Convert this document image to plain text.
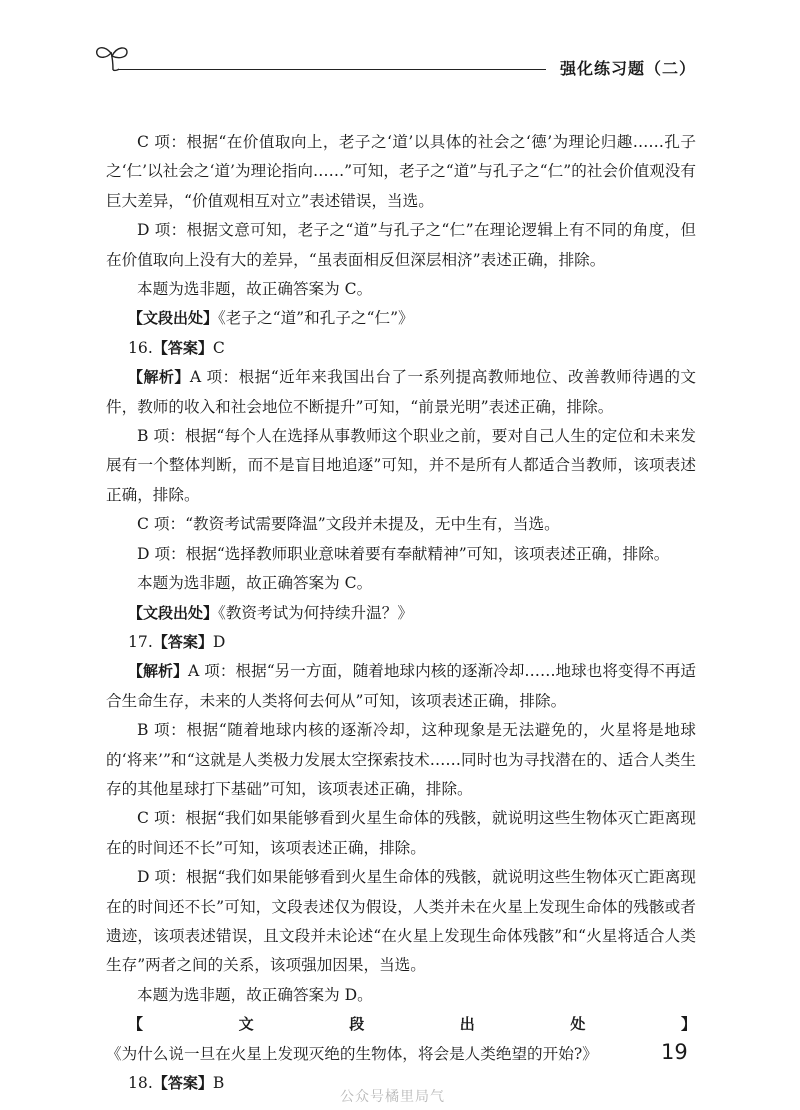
强化练习题（二）

C 项：根据“在价值取向上，老子之‘道’以具体的社会之‘德’为理论归趣……孔子之‘仁’以社会之‘道’为理论指向……”可知，老子之“道”与孔子之“仁”的社会价值观没有巨大差异，“价值观相互对立”表述错误，当选。

D 项：根据文意可知，老子之“道”与孔子之“仁”在理论逻辑上有不同的角度，但在价值取向上没有大的差异，“虽表面相反但深层相济”表述正确，排除。

本题为选非题，故正确答案为 C。

【文段出处】《老子之“道”和孔子之“仁”》

16.【答案】C

【解析】A 项：根据“近年来我国出台了一系列提高教师地位、改善教师待遇的文件，教师的收入和社会地位不断提升”可知，“前景光明”表述正确，排除。

B 项：根据“每个人在选择从事教师这个职业之前，要对自己人生的定位和未来发展有一个整体判断，而不是盲目地追逐”可知，并不是所有人都适合当教师，该项表述正确，排除。

C 项：“教资考试需要降温”文段并未提及，无中生有，当选。

D 项：根据“选择教师职业意味着要有奉献精神”可知，该项表述正确，排除。

本题为选非题，故正确答案为 C。

【文段出处】《教资考试为何持续升温？》

17.【答案】D

【解析】A 项：根据“另一方面，随着地球内核的逐渐冷却……地球也将变得不再适合生命生存，未来的人类将何去何从”可知，该项表述正确，排除。

B 项：根据“随着地球内核的逐渐冷却，这种现象是无法避免的，火星将是地球的‘将来’”和“这就是人类极力发展太空探索技术……同时也为寻找潜在的、适合人类生存的其他星球打下基础”可知，该项表述正确，排除。

C 项：根据“我们如果能够看到火星生命体的残骸，就说明这些生物体灭亡距离现在的时间还不长”可知，该项表述正确，排除。

D 项：根据“我们如果能够看到火星生命体的残骸，就说明这些生物体灭亡距离现在的时间还不长”可知，文段表述仅为假设，人类并未在火星上发现生命体的残骸或者遗迹，该项表述错误，且文段并未论述“在火星上发现生命体残骸”和“火星将适合人类生存”两者之间的关系，该项强加因果，当选。

本题为选非题，故正确答案为 D。

【文段出处】《为什么说一旦在火星上发现灭绝的生物体，将会是人类绝望的开始?》

18.【答案】B

19
公众号橘里局气
